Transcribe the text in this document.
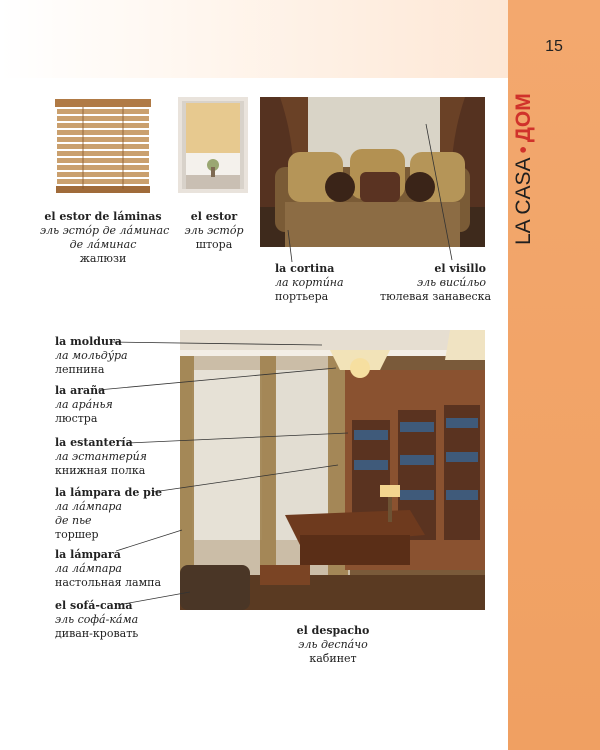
15
LA CASA•ДОМ
el estor de láminas
эль эстóр де лáминас
де лáминас
жалюзи
el estor
эль эстóр
штора
la cortina
ла кортúна
портьера
el visillo
эль висúльо
тюлевая занавеска
la moldura
ла мольдýра
лепнина
la araña
ла арáнья
люстра
la estantería
ла эстантерúя
книжная полка
la lámpara de pie
ла лáмпара
де пье
торшер
la lámpara
ла лáмпара
настольная лампа
el sofá-cama
эль софá-кáма
диван-кровать	el despacho
эль деспáчо
кабинет
